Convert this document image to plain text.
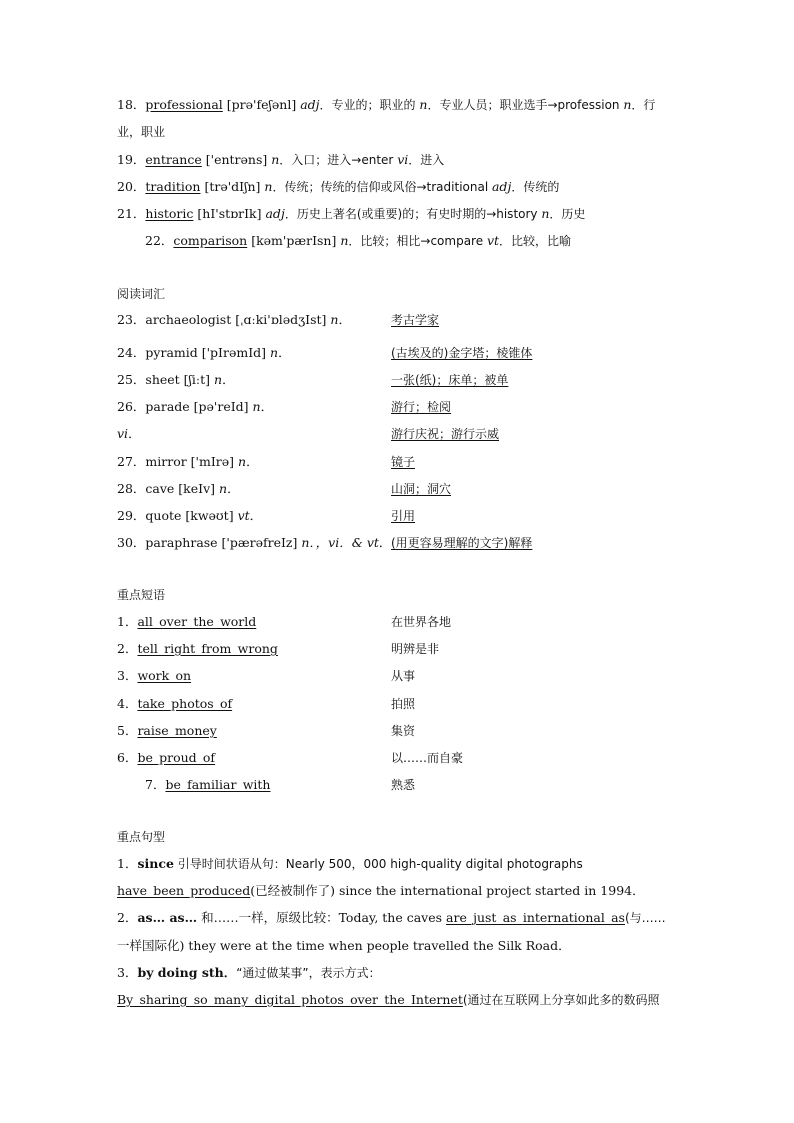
18．professional [prə'feʃənl] adj．专业的；职业的 n．专业人员；职业选手→profession n．行
业，职业
19．entrance ['entrəns] n．入口；进入→enter vi．进入
20．tradition [trə'dIʃn] n．传统；传统的信仰或风俗→traditional adj．传统的
21．historic [hI'stɒrIk] adj．历史上著名(或重要)的；有史时期的→history n．历史
22．comparison [kəm'pærIsn] n．比较；相比→compare vt．比较，比喻
阅读词汇
23．archaeologist [ˌɑːki'ɒlədʒIst] n．	考古学家
24．pyramid ['pIrəmId] n．	(古埃及的)金字塔；棱锥体
25．sheet [ʃiːt] n．	一张(纸)；床单；被单
26．parade [pə'reId] n．	游行；检阅
vi．	游行庆祝；游行示威
27．mirror ['mIrə] n．	镜子
28．cave [keIv] n．	山洞；洞穴
29．quote [kwəʊt] vt．	引用
30．paraphrase ['pærəfreIz] n．，vi．& vt． (用更容易理解的文字)解释
重点短语
1．all_over_the_world	在世界各地
2．tell_right_from_wrong	明辨是非
3．work_on	从事
4．take_photos_of	拍照
5．raise_money	集资
6．be_proud_of	以……而自豪
7．be_familiar_with	熟悉
重点句型
1．since 引导时间状语从句：Nearly 500，000 high-quality digital photographs
have_been_produced(已经被制作了) since the international project started in 1994．
2．as… as… 和……一样，原级比较：Today, the caves are_just_as_international_as(与……
一样国际化) they were at the time when people travelled the Silk Road．
3．by doing sth．“通过做某事”，表示方式：
By_sharing_so_many_digital_photos_over_the_Internet(通过在互联网上分享如此多的数码照
